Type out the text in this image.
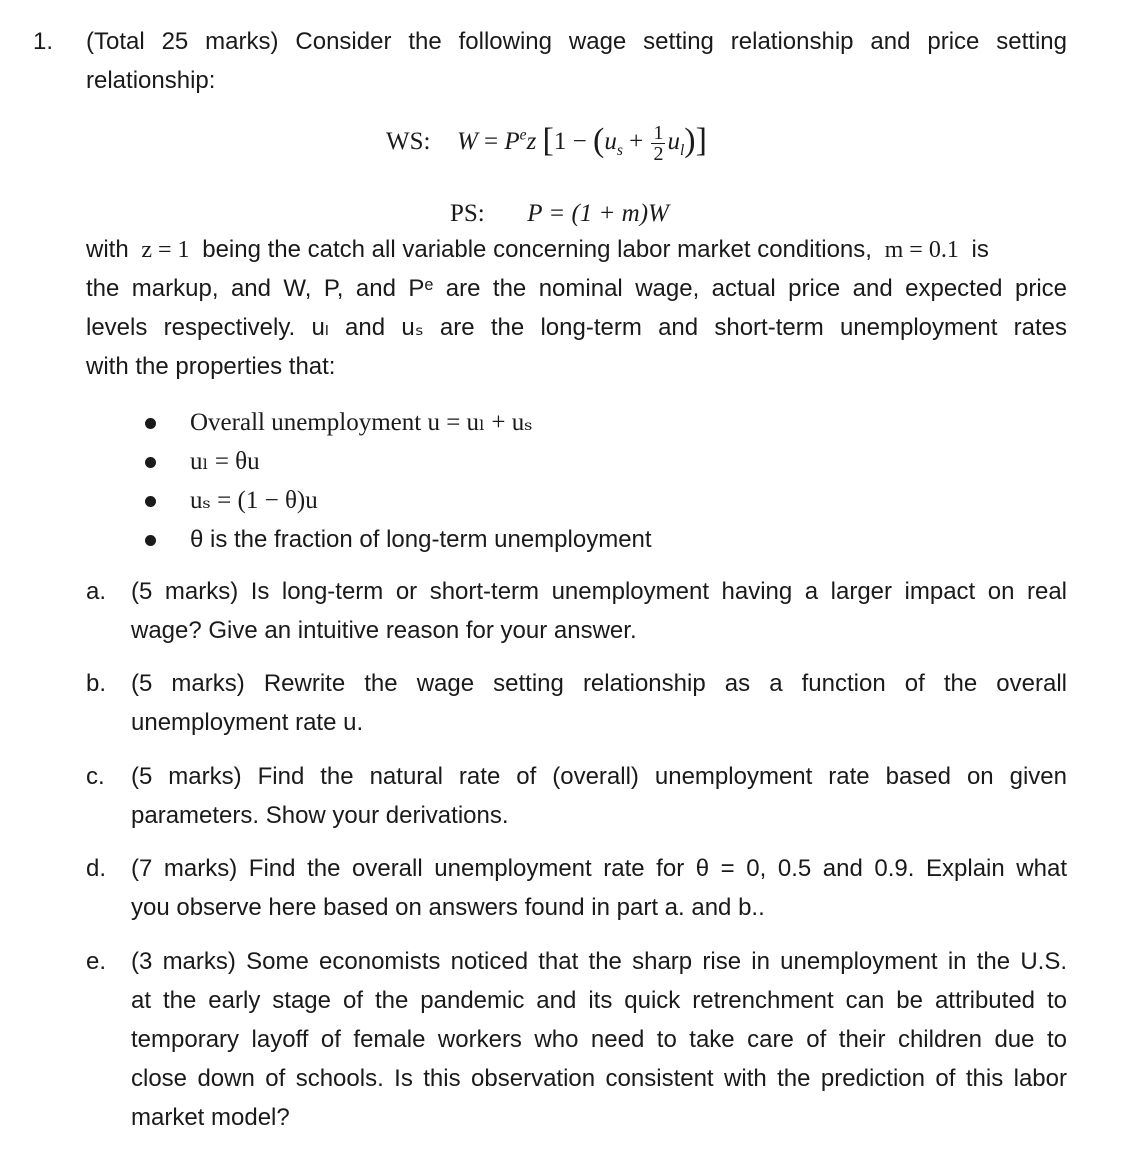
1. (Total 25 marks) Consider the following wage setting relationship and price setting
relationship:
WS: $W = P^ez$ $[1 - (u_s + \frac{1}{2} u_l)]$
PS: P = (1 + m)W
with z = 1 being the catch all variable concerning labor market conditions, m = 0.1 is
the markup, and W, P, and Pᵉ are the nominal wage, actual price and expected price
levels respectively. uₗ and uₛ are the long-term and short-term unemployment rates
with the properties that:
Overall unemployment u = uₗ + uₛ
uₗ = θu
uₛ = (1 − θ)u
θ is the fraction of long-term unemployment
a. (5 marks) Is long-term or short-term unemployment having a larger impact on real
wage? Give an intuitive reason for your answer.
b. (5 marks) Rewrite the wage setting relationship as a function of the overall
unemployment rate u.
c. (5 marks) Find the natural rate of (overall) unemployment rate based on given
parameters. Show your derivations.
d. (7 marks) Find the overall unemployment rate for θ = 0, 0.5 and 0.9. Explain what
you observe here based on answers found in part a. and b..
e. (3 marks) Some economists noticed that the sharp rise in unemployment in the U.S.
at the early stage of the pandemic and its quick retrenchment can be attributed to
temporary layoff of female workers who need to take care of their children due to
close down of schools. Is this observation consistent with the prediction of this labor
market model?
